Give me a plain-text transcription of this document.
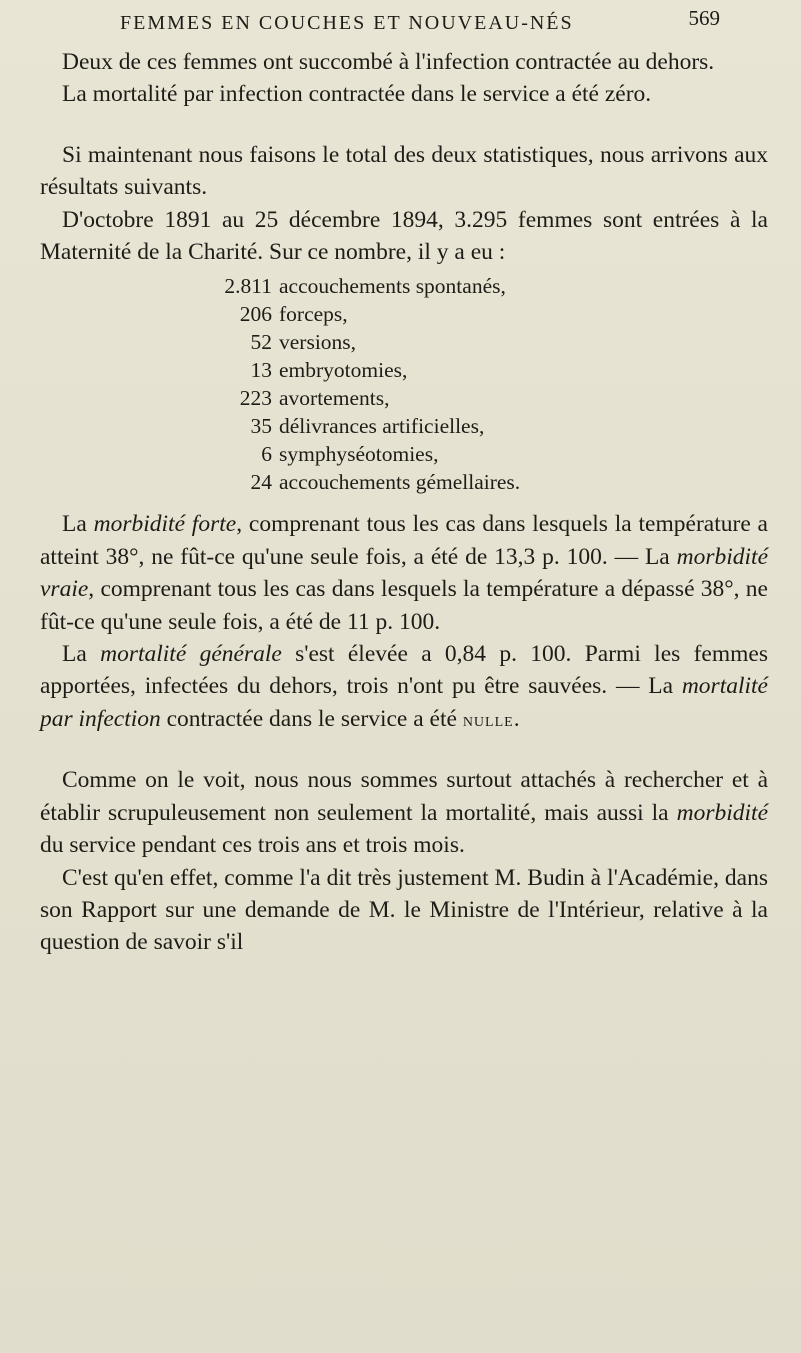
FEMMES EN COUCHES ET NOUVEAU-NÉS	569

Deux de ces femmes ont succombé à l'infection contractée au dehors.

La mortalité par infection contractée dans le service a été zéro.

Si maintenant nous faisons le total des deux statistiques, nous arrivons aux résultats suivants.

D'octobre 1891 au 25 décembre 1894, 3.295 femmes sont entrées à la Maternité de la Charité. Sur ce nombre, il y a eu :

2.811 accouchements spontanés,
206 forceps,
52 versions,
13 embryotomies,
223 avortements,
35 délivrances artificielles,
6 symphyséotomies,
24 accouchements gémellaires.

La morbidité forte, comprenant tous les cas dans lesquels la température a atteint 38°, ne fût-ce qu'une seule fois, a été de 13,3 p. 100. — La morbidité vraie, comprenant tous les cas dans lesquels la température a dépassé 38°, ne fût-ce qu'une seule fois, a été de 11 p. 100.

La mortalité générale s'est élevée a 0,84 p. 100. Parmi les femmes apportées, infectées du dehors, trois n'ont pu être sauvées. — La mortalité par infection contractée dans le service a été nulle.

Comme on le voit, nous nous sommes surtout attachés à rechercher et à établir scrupuleusement non seulement la mortalité, mais aussi la morbidité du service pendant ces trois ans et trois mois.

C'est qu'en effet, comme l'a dit très justement M. Budin à l'Académie, dans son Rapport sur une demande de M. le Ministre de l'Intérieur, relative à la question de savoir s'il
